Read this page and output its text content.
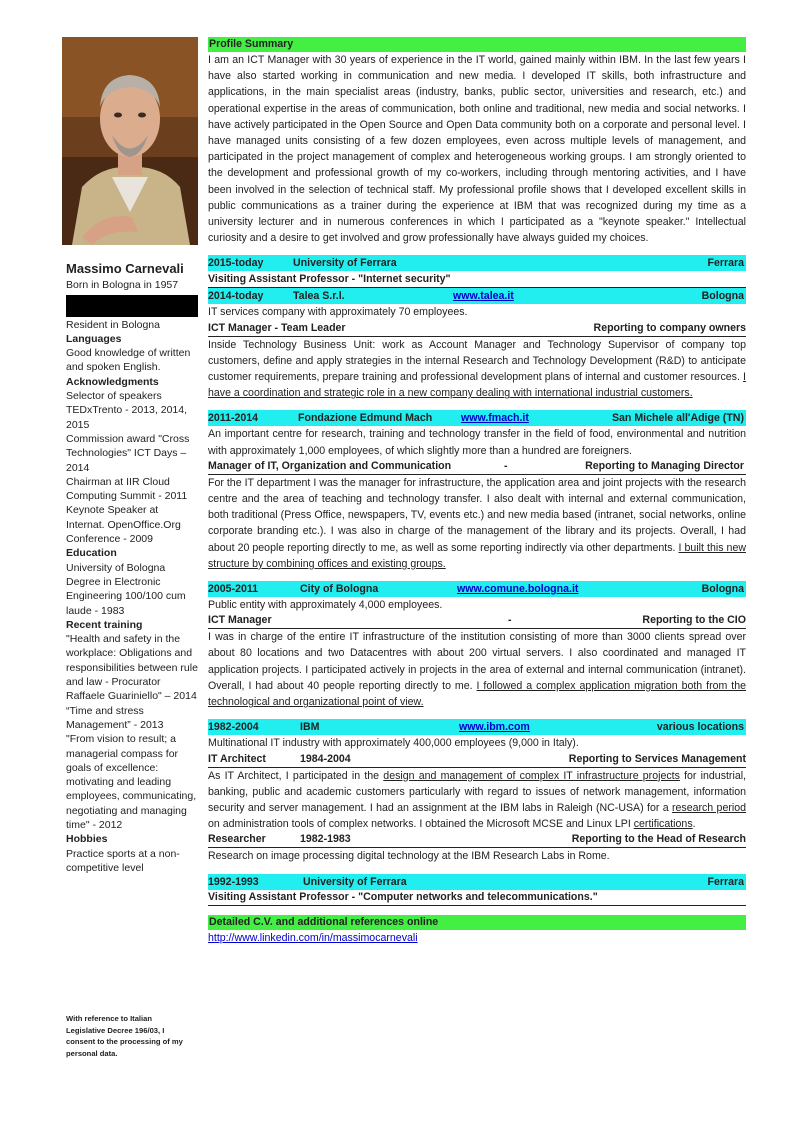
Massimo Carnevali
Born in Bologna in 1957
Resident in Bologna
Languages
Good knowledge of written and spoken English.
Acknowledgments
Selector of speakers TEDxTrento - 2013, 2014, 2015
Commission award "Cross Technologies" ICT Days – 2014
Chairman at IIR Cloud Computing Summit - 2011
Keynote Speaker at Internat. OpenOffice.Org Conference - 2009
Education
University of Bologna Degree in Electronic Engineering 100/100 cum laude - 1983
Recent training
"Health and safety in the workplace: Obligations and responsibilities between rule and law - Procurator Raffaele Guariniello" – 2014
“Time and stress Management” - 2013
"From vision to result; a managerial compass for goals of excellence: motivating and leading employees, communicating, negotiating and managing time" - 2012
Hobbies
Practice sports at a non-competitive level
With reference to Italian Legislative Decree 196/03, I consent to the processing of my personal data.
Profile Summary
I am an ICT Manager with 30 years of experience in the IT world, gained mainly within IBM. In the last few years I have also started working in communication and new media. I developed IT skills, both infrastructure and applications, in the main specialist areas (industry, banks, public sector, universities and research, etc.) and operational expertise in the areas of communication, both online and traditional, new media and social networks. I have actively participated in the Open Source and Open Data community both on a corporate and personal level. I have managed units consisting of a few dozen employees, even across multiple levels of management, and participated in the project management of complex and heterogeneous working groups. I am strongly oriented to the development and professional growth of my co-workers, including through mentoring activities, and I have been involved in the selection of technical staff. My professional profile shows that I developed excellent skills in public communications as a trainer during the experience at IBM that was recognized during my time as a university lecturer and in numerous conferences in which I participated as a "keynote speaker." Intellectual curiosity and a desire to get involved and grow professionally have always guided my choices.
2015-today	University of Ferrara	Ferrara
Visiting Assistant Professor - "Internet security"
2014-today	Talea S.r.l.	www.talea.it	Bologna
IT services company with approximately 70 employees.
ICT Manager - Team Leader	Reporting to company owners
Inside Technology Business Unit: work as Account Manager and Technology Supervisor of company top customers, define and apply strategies in the internal Research and Technology Development (R&D) to anticipate customer requirements, prepare training and professional development plans of internal and customer resources. I have a coordination and strategic role in a new company dealing with international industrial customers.
2011-2014	Fondazione Edmund Mach	www.fmach.it	San Michele all'Adige (TN)
An important centre for research, training and technology transfer in the field of food, environmental and nutrition with approximately 1,000 employees, of which slightly more than a hundred are foreigners.
Manager of IT, Organization and Communication	-	Reporting to Managing Director
For the IT department I was the manager for infrastructure, the application area and joint projects with the research centre and the area of teaching and technology transfer. I also dealt with internal and external communication, both traditional (Press Office, newspapers, TV, events etc.) and new media based (intranet, social networks, online corporate branding etc.). I was also in charge of the management of the library and its projects. Overall, I had about 20 people reporting directly to me, as well as some reporting indirectly via other departments. I built this new structure by combining offices and existing groups.
2005-2011	City of Bologna	www.comune.bologna.it	Bologna
Public entity with approximately 4,000 employees.
ICT Manager	-	Reporting to the CIO
I was in charge of the entire IT infrastructure of the institution consisting of more than 3000 clients spread over about 80 locations and two Datacentres with about 200 virtual servers. I also coordinated and managed IT application projects. I participated actively in projects in the area of external and internal communication (intranet). Overall, I had about 40 people reporting directly to me. I followed a complex application migration both from the technological and organizational point of view.
1982-2004	IBM	www.ibm.com	various locations
Multinational IT industry with approximately 400,000 employees (9,000 in Italy).
IT Architect	1984-2004	Reporting to Services Management
As IT Architect, I participated in the design and management of complex IT infrastructure projects for industrial, banking, public and academic customers particularly with regard to issues of network management, information security and server management. I had an assignment at the IBM labs in Raleigh (NC-USA) for a research period on administration tools of complex networks. I obtained the Microsoft MCSE and Linux LPI certifications.
Researcher	1982-1983	Reporting to the Head of Research
Research on image processing digital technology at the IBM Research Labs in Rome.
1992-1993	University of Ferrara	Ferrara
Visiting Assistant Professor - "Computer networks and telecommunications."
Detailed C.V. and additional references online
http://www.linkedin.com/in/massimocarnevali
